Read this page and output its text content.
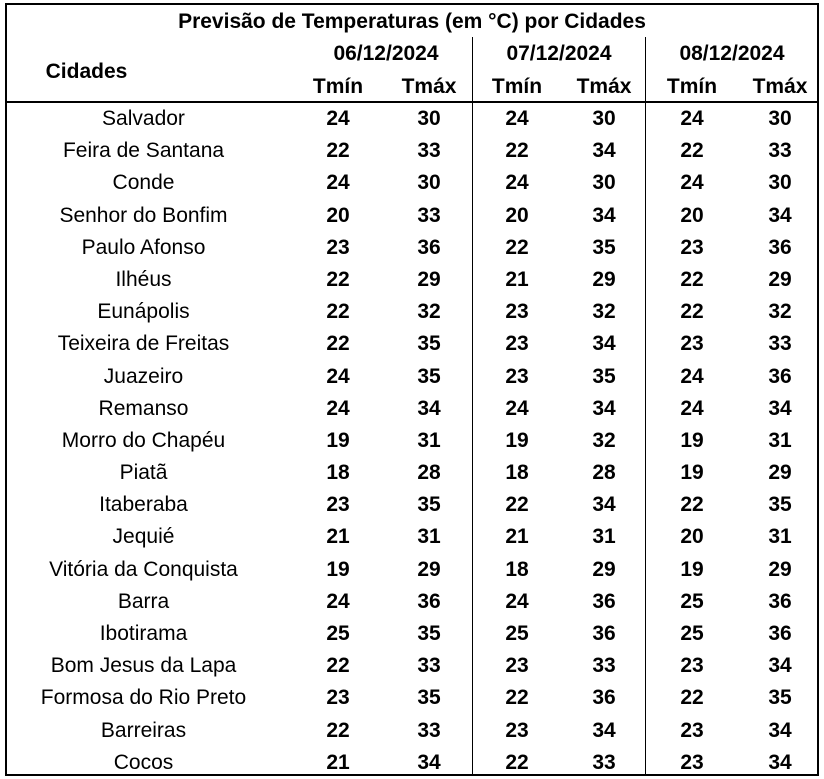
Previsão de Temperaturas (em °C) por Cidades
Cidades
06/12/2024	07/12/2024	08/12/2024
Tmín	Tmáx	Tmín	Tmáx	Tmín	Tmáx
Salvador	24	30	24	30	24	30
Feira de Santana	22	33	22	34	22	33
Conde	24	30	24	30	24	30
Senhor do Bonfim	20	33	20	34	20	34
Paulo Afonso	23	36	22	35	23	36
Ilhéus	22	29	21	29	22	29
Eunápolis	22	32	23	32	22	32
Teixeira de Freitas	22	35	23	34	23	33
Juazeiro	24	35	23	35	24	36
Remanso	24	34	24	34	24	34
Morro do Chapéu	19	31	19	32	19	31
Piatã	18	28	18	28	19	29
Itaberaba	23	35	22	34	22	35
Jequié	21	31	21	31	20	31
Vitória da Conquista	19	29	18	29	19	29
Barra	24	36	24	36	25	36
Ibotirama	25	35	25	36	25	36
Bom Jesus da Lapa	22	33	23	33	23	34
Formosa do Rio Preto	23	35	22	36	22	35
Barreiras	22	33	23	34	23	34
Cocos	21	34	22	33	23	34
